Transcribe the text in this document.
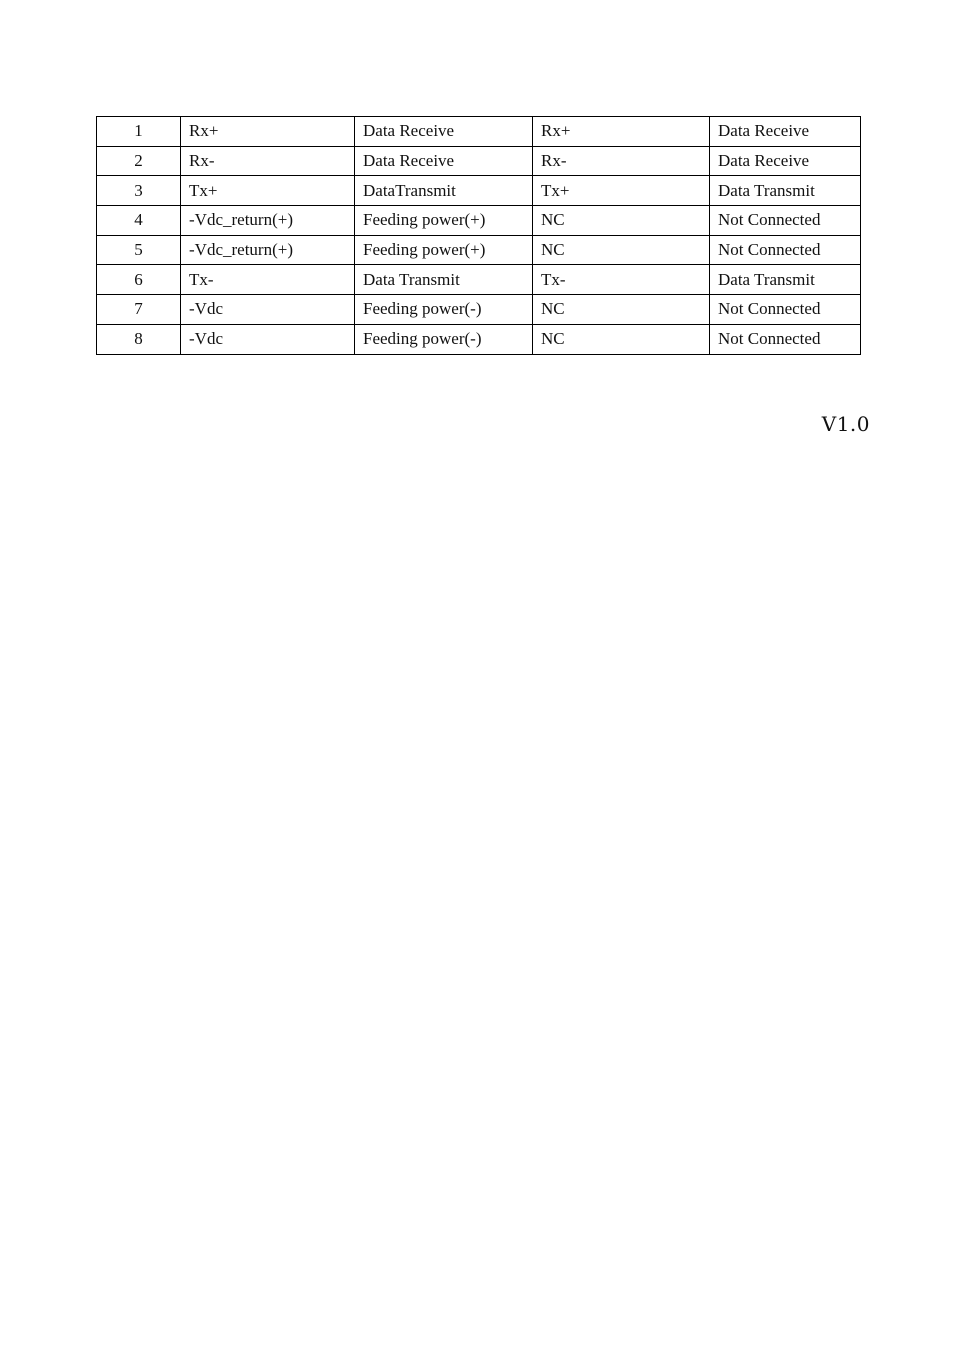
1	Rx+	Data Receive	Rx+	Data Receive
2	Rx-	Data Receive	Rx-	Data Receive
3	Tx+	DataTransmit	Tx+	Data Transmit
4	-Vdc_return(+)	Feeding power(+)	NC	Not Connected
5	-Vdc_return(+)	Feeding power(+)	NC	Not Connected
6	Tx-	Data Transmit	Tx-	Data Transmit
7	-Vdc	Feeding power(-)	NC	Not Connected
8	-Vdc	Feeding power(-)	NC	Not Connected
V1.0
